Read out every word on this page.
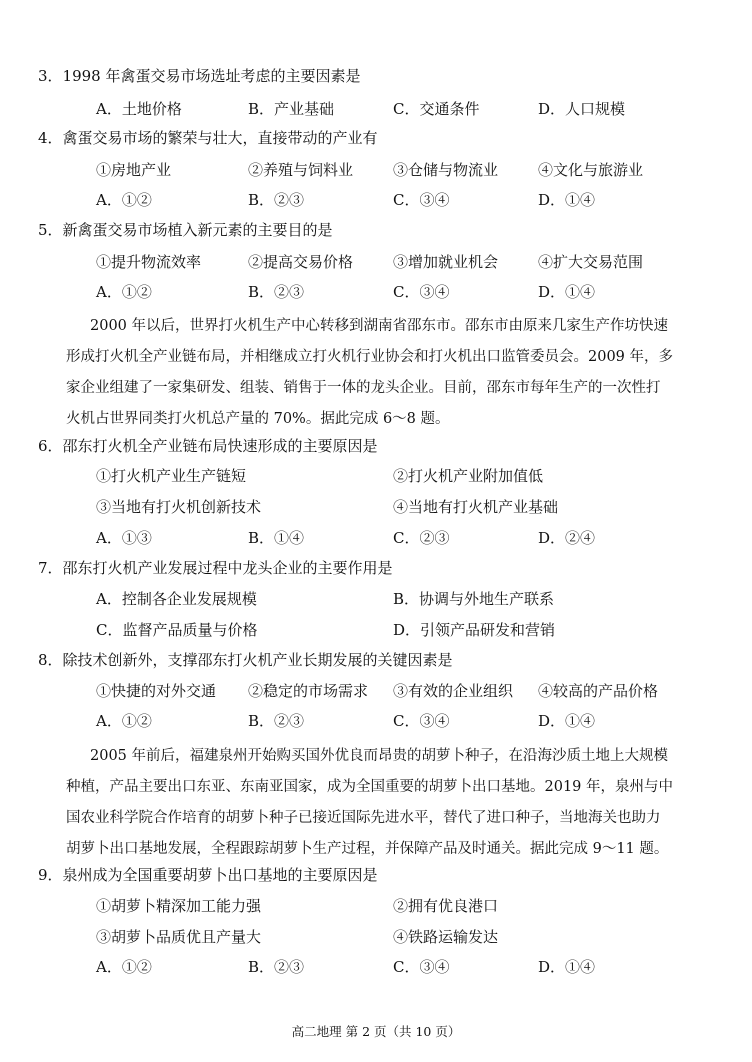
3．1998 年禽蛋交易市场选址考虑的主要因素是
A．土地价格	B．产业基础	C．交通条件	D．人口规模
4．禽蛋交易市场的繁荣与壮大，直接带动的产业有
①房地产业	②养殖与饲料业	③仓储与物流业	④文化与旅游业
A．①②	B．②③	C．③④	D．①④
5．新禽蛋交易市场植入新元素的主要目的是
①提升物流效率	②提高交易价格	③增加就业机会	④扩大交易范围
A．①②	B．②③	C．③④	D．①④
2000 年以后，世界打火机生产中心转移到湖南省邵东市。邵东市由原来几家生产作坊快速
形成打火机全产业链布局，并相继成立打火机行业协会和打火机出口监管委员会。2009 年，多
家企业组建了一家集研发、组装、销售于一体的龙头企业。目前，邵东市每年生产的一次性打
火机占世界同类打火机总产量的 70%。据此完成 6～8 题。
6．邵东打火机全产业链布局快速形成的主要原因是
①打火机产业生产链短	②打火机产业附加值低
③当地有打火机创新技术	④当地有打火机产业基础
A．①③	B．①④	C．②③	D．②④
7．邵东打火机产业发展过程中龙头企业的主要作用是
A．控制各企业发展规模	B．协调与外地生产联系
C．监督产品质量与价格	D．引领产品研发和营销
8．除技术创新外，支撑邵东打火机产业长期发展的关键因素是
①快捷的对外交通 ②稳定的市场需求 ③有效的企业组织 ④较高的产品价格
A．①②	B．②③	C．③④	D．①④
2005 年前后，福建泉州开始购买国外优良而昂贵的胡萝卜种子，在沿海沙质土地上大规模
种植，产品主要出口东亚、东南亚国家，成为全国重要的胡萝卜出口基地。2019 年，泉州与中
国农业科学院合作培育的胡萝卜种子已接近国际先进水平，替代了进口种子，当地海关也助力
胡萝卜出口基地发展，全程跟踪胡萝卜生产过程，并保障产品及时通关。据此完成 9～11 题。
9．泉州成为全国重要胡萝卜出口基地的主要原因是
①胡萝卜精深加工能力强	②拥有优良港口
③胡萝卜品质优且产量大	④铁路运输发达
A．①②	B．②③	C．③④	D．①④
高二地理 第 2 页（共 10 页）
